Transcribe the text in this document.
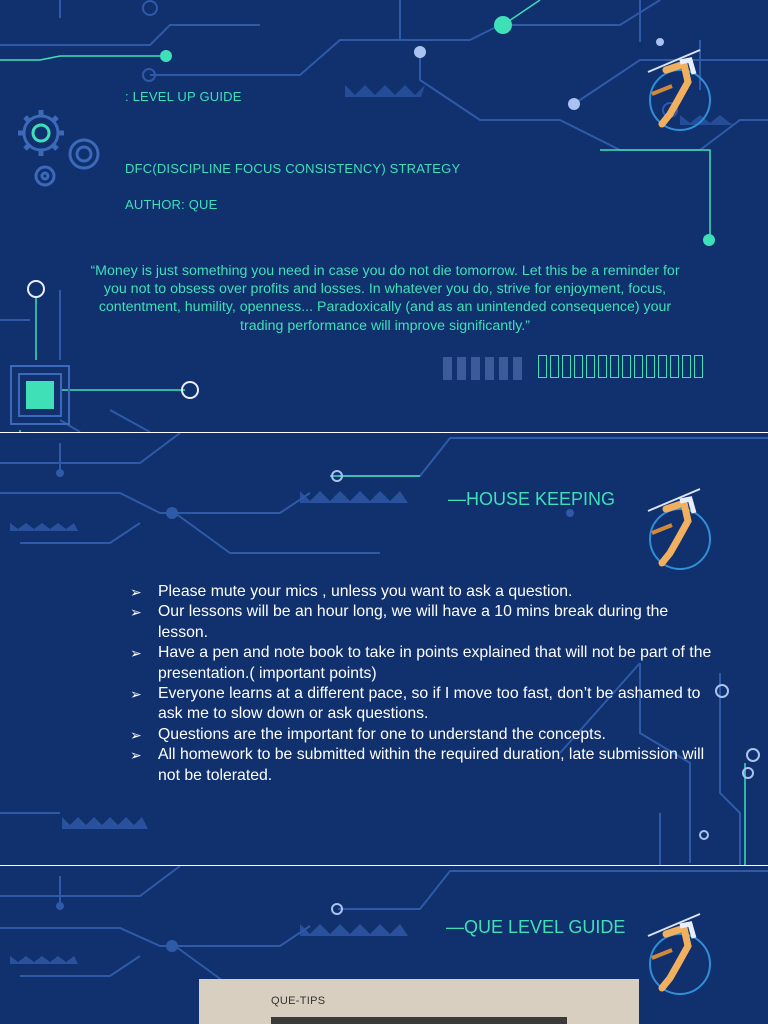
: LEVEL UP GUIDE
DFC(DISCIPLINE FOCUS CONSISTENCY) STRATEGY
AUTHOR: QUE
“Money is just something you need in case you do not die tomorrow. Let this be a reminder for you not to obsess over profits and losses. In whatever you do, strive for enjoyment, focus, contentment, humility, openness... Paradoxically (and as an unintended consequence) your trading performance will improve significantly.”
—HOUSE KEEPING
➢ Please mute your mics , unless you want to ask a question.
➢ Our lessons will be an hour long, we will have a 10 mins break during the lesson.
➢ Have a pen and note book to take in points explained that will not be part of the presentation.( important points)
➢ Everyone learns at a different pace, so if I move too fast, don’t be ashamed to ask me to slow down or ask questions.
➢ Questions are the important for one to understand the concepts.
➢ All homework to be submitted within the required duration, late submission will not be tolerated.
—QUE LEVEL GUIDE
QUE-TIPS
